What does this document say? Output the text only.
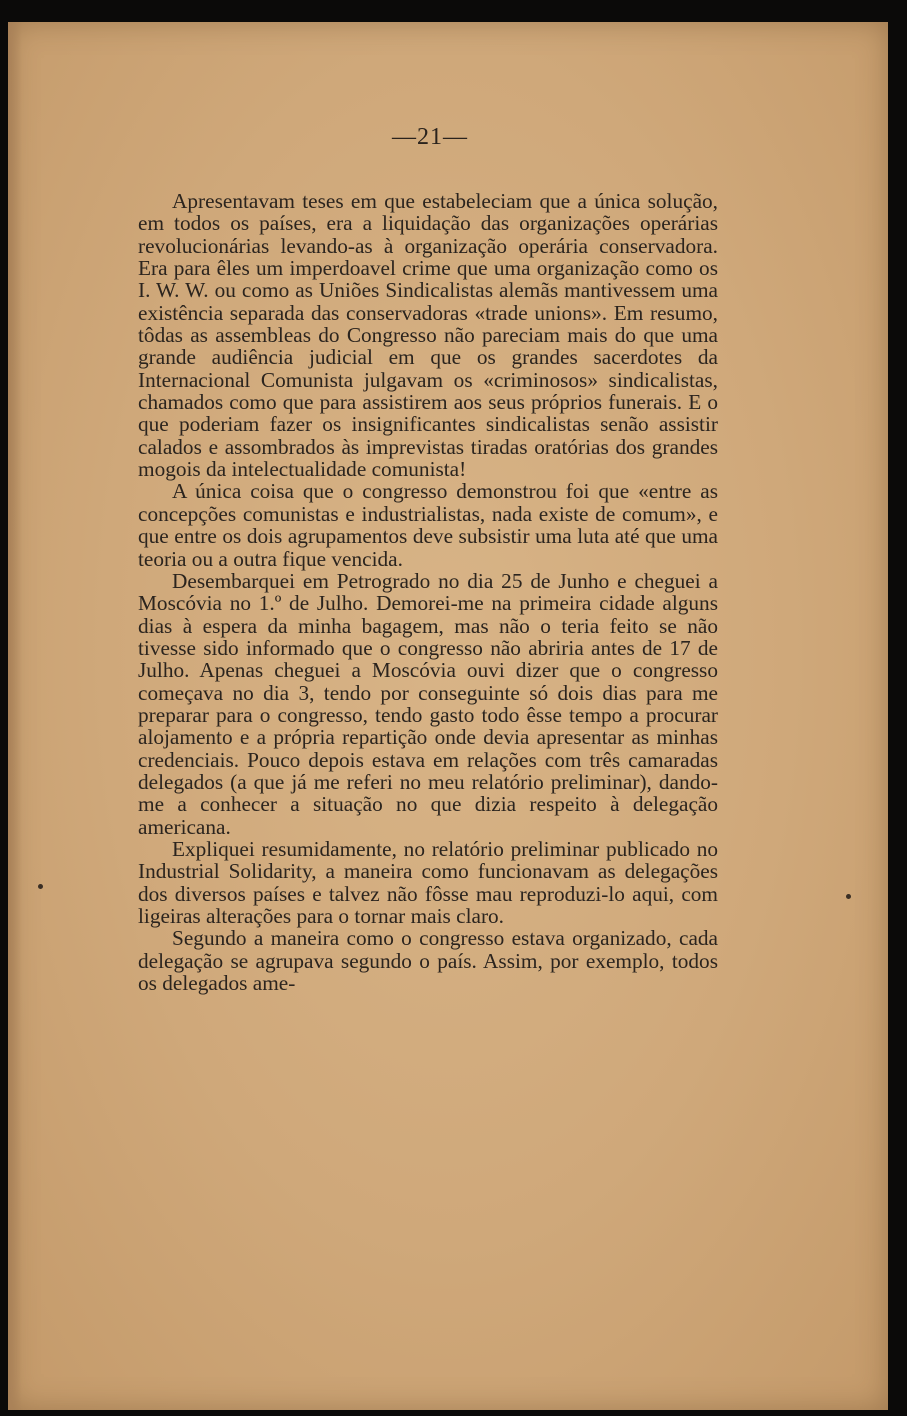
—21—

Apresentavam teses em que estabeleciam que a única solução, em todos os países, era a liquidação das organizações operárias revolucionárias levando-as à organização operária conservadora. Era para êles um imperdoavel crime que uma organização como os I. W. W. ou como as Uniões Sindicalistas alemãs mantivessem uma existência separada das conservadoras «trade unions». Em resumo, tôdas as assembleas do Congresso não pareciam mais do que uma grande audiência judicial em que os grandes sacerdotes da Internacional Comunista julgavam os «criminosos» sindicalistas, chamados como que para assistirem aos seus próprios funerais. E o que poderiam fazer os insignificantes sindicalistas senão assistir calados e assombrados às imprevistas tiradas oratórias dos grandes mogois da intelectualidade comunista!

A única coisa que o congresso demonstrou foi que «entre as concepções comunistas e industrialistas, nada existe de comum», e que entre os dois agrupamentos deve subsistir uma luta até que uma teoria ou a outra fique vencida.

Desembarquei em Petrogrado no dia 25 de Junho e cheguei a Moscóvia no 1.º de Julho. Demorei-me na primeira cidade alguns dias à espera da minha bagagem, mas não o teria feito se não tivesse sido informado que o congresso não abriria antes de 17 de Julho. Apenas cheguei a Moscóvia ouvi dizer que o congresso começava no dia 3, tendo por conseguinte só dois dias para me preparar para o congresso, tendo gasto todo êsse tempo a procurar alojamento e a própria repartição onde devia apresentar as minhas credenciais. Pouco depois estava em relações com três camaradas delegados (a que já me referi no meu relatório preliminar), dando-me a conhecer a situação no que dizia respeito à delegação americana.

Expliquei resumidamente, no relatório preliminar publicado no Industrial Solidarity, a maneira como funcionavam as delegações dos diversos países e talvez não fôsse mau reproduzi-lo aqui, com ligeiras alterações para o tornar mais claro.

Segundo a maneira como o congresso estava organizado, cada delegação se agrupava segundo o país. Assim, por exemplo, todos os delegados ame-
